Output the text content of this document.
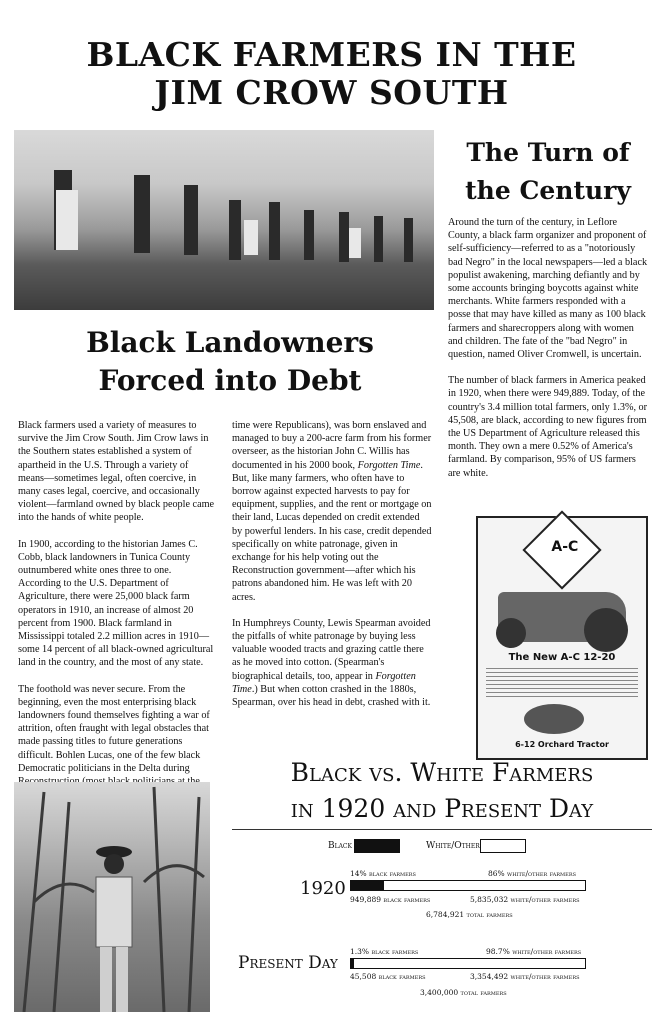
BLACK FARMERS IN THE
JIM CROW SOUTH
The Turn of
the Century

Around the turn of the century, in Leflore County, a black farm organizer and proponent of self-sufficiency—referred to as a "notoriously bad Negro" in the local newspapers—led a black populist awakening, marching defiantly and by some accounts bringing boycotts against white merchants. White farmers responded with a posse that may have killed as many as 100 black farmers and sharecroppers along with women and children. The fate of the "bad Negro" in question, named Oliver Cromwell, is uncertain.

The number of black farmers in America peaked in 1920, when there were 949,889. Today, of the country's 3.4 million total farmers, only 1.3%, or 45,508, are black, according to new figures from the US Department of Agriculture released this month. They own a mere 0.52% of America's farmland. By comparison, 95% of US farmers are white.

Black Landowners
Forced into Debt

Black farmers used a variety of measures to survive the Jim Crow South. Jim Crow laws in the Southern states established a system of apartheid in the U.S. Through a variety of means—sometimes legal, often coercive, in many cases legal, coercive, and occasionally violent—farmland owned by black people came into the hands of white people.

In 1900, according to the historian James C. Cobb, black landowners in Tunica County outnumbered white ones three to one. According to the U.S. Department of Agriculture, there were 25,000 black farm operators in 1910, an increase of almost 20 percent from 1900. Black farmland in Mississippi totaled 2.2 million acres in 1910—some 14 percent of all black-owned agricultural land in the country, and the most of any state.

The foothold was never secure. From the beginning, even the most enterprising black landowners found themselves fighting a war of attrition, often fraught with legal obstacles that made passing titles to future generations difficult. Bohlen Lucas, one of the few black Democratic politicians in the Delta during

time were Republicans), was born enslaved and managed to buy a 200-acre farm from his former overseer, as the historian John C. Willis has documented in his 2000 book, Forgotten Time. But, like many farmers, who often have to borrow against expected harvests to pay for equipment, supplies, and the rent or mortgage on their land, Lucas depended on credit extended by powerful lenders. In his case, credit depended specifically on white patronage, given in exchange for his help voting out the Reconstruction government—after which his patrons abandoned him. He was left with 20 acres.

In Humphreys County, Lewis Spearman avoided the pitfalls of white patronage by buying less valuable wooded tracts and grazing cattle there as he moved into cotton. (Spearman's biographical details, too, appear in Forgotten Time.) But when cotton crashed in the 1880s, Spearman, over his head in debt, crashed with it.

A-C
The New A-C 12-20
6-12 Orchard Tractor
Black vs. White Farmers
in 1920 and Present Day
Black	White/Other
1920
14% black farmers	86% white/other farmers
949,889 black farmers	5,835,032 white/other farmers
6,784,921 total farmers
Present Day
1.3% black farmers	98.7% white/other farmers
45,508 black farmers	3,354,492 white/other farmers
3,400,000 total farmers
